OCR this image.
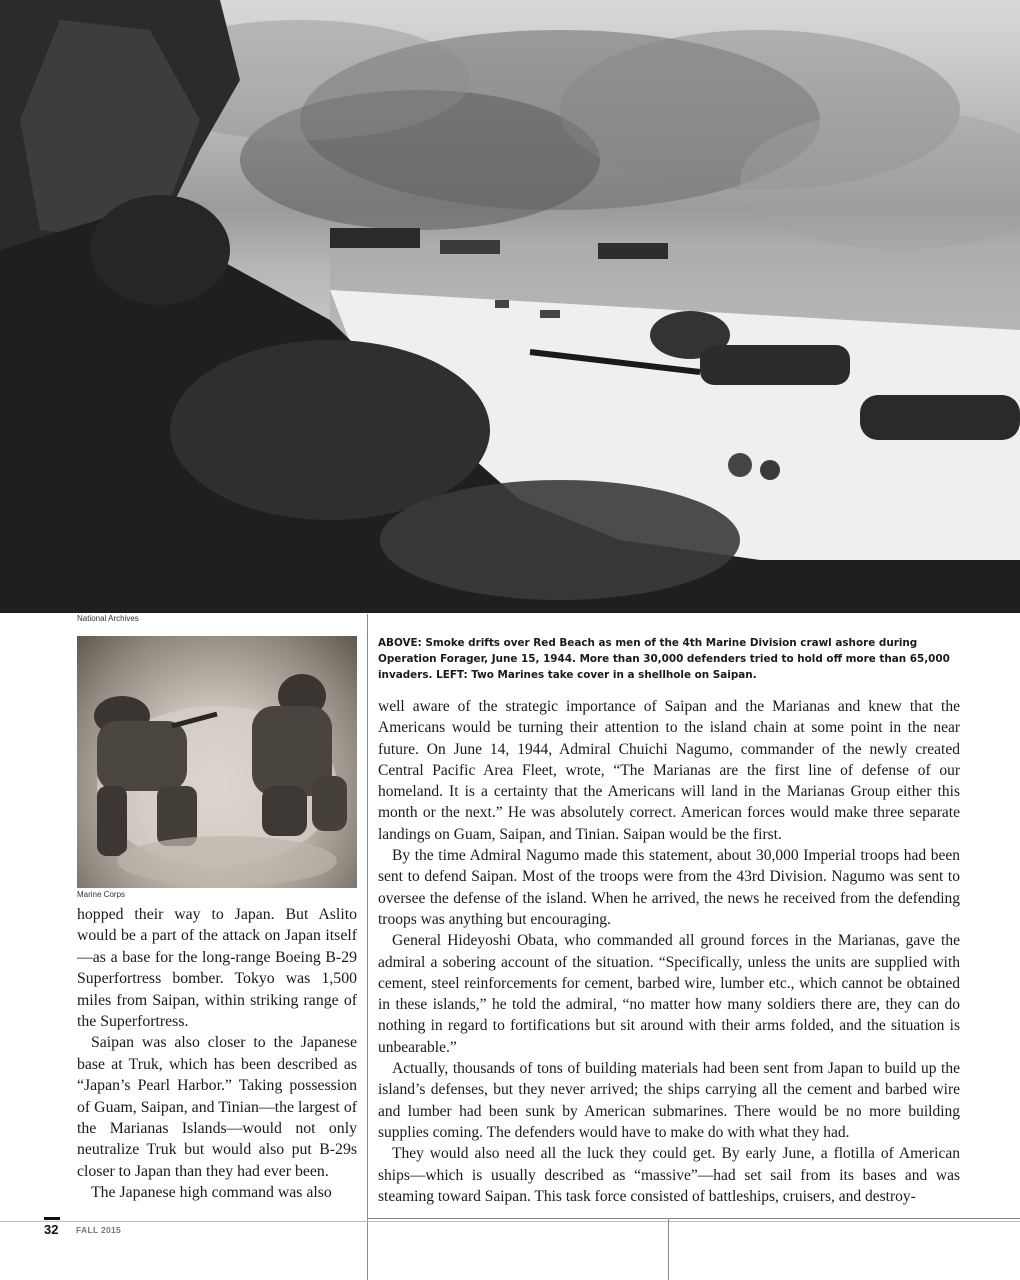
National Archives
Marine Corps
ABOVE: Smoke drifts over Red Beach as men of the 4th Marine Division crawl ashore during Operation Forager, June 15, 1944. More than 30,000 defenders tried to hold off more than 65,000 invaders. LEFT: Two Marines take cover in a shellhole on Saipan.

hopped their way to Japan. But Aslito would be a part of the attack on Japan itself—as a base for the long-range Boeing B-29 Superfortress bomber. Tokyo was 1,500 miles from Saipan, within striking range of the Superfortress.

Saipan was also closer to the Japanese base at Truk, which has been described as “Japan’s Pearl Harbor.” Taking possession of Guam, Saipan, and Tinian—the largest of the Marianas Islands—would not only neutralize Truk but would also put B-29s closer to Japan than they had ever been.

The Japanese high command was also

well aware of the strategic importance of Saipan and the Marianas and knew that the Americans would be turning their attention to the island chain at some point in the near future. On June 14, 1944, Admiral Chuichi Nagumo, commander of the newly created Central Pacific Area Fleet, wrote, “The Marianas are the first line of defense of our homeland. It is a certainty that the Americans will land in the Marianas Group either this month or the next.” He was absolutely correct. American forces would make three separate landings on Guam, Saipan, and Tinian. Saipan would be the first.

By the time Admiral Nagumo made this statement, about 30,000 Imperial troops had been sent to defend Saipan. Most of the troops were from the 43rd Division. Nagumo was sent to oversee the defense of the island. When he arrived, the news he received from the defending troops was anything but encouraging.

General Hideyoshi Obata, who commanded all ground forces in the Marianas, gave the admiral a sobering account of the situation. “Specifically, unless the units are supplied with cement, steel reinforcements for cement, barbed wire, lumber etc., which cannot be obtained in these islands,” he told the admiral, “no matter how many soldiers there are, they can do nothing in regard to fortifications but sit around with their arms folded, and the situation is unbearable.”

Actually, thousands of tons of building materials had been sent from Japan to build up the island’s defenses, but they never arrived; the ships carrying all the cement and barbed wire and lumber had been sunk by American submarines. There would be no more building supplies coming. The defenders would have to make do with what they had.

They would also need all the luck they could get. By early June, a flotilla of American ships—which is usually described as “massive”—had set sail from its bases and was steaming toward Saipan. This task force consisted of battleships, cruisers, and destroy-

32 FALL 2015
